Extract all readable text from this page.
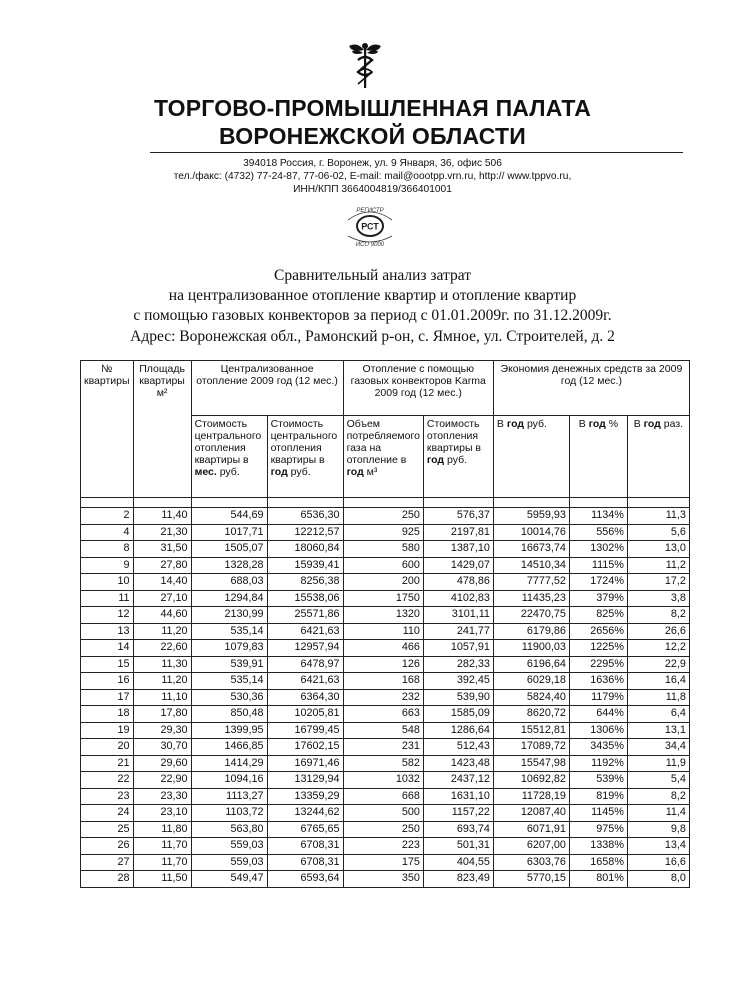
ТОРГОВО-ПРОМЫШЛЕННАЯ ПАЛАТА
ВОРОНЕЖСКОЙ ОБЛАСТИ
394018 Россия, г. Воронеж, ул. 9 Января, 36, офис 506
тел./факс: (4732) 77-24-87, 77-06-02, E-mail: mail@oootpp.vrn.ru, http:// www.tppvo.ru,
ИНН/КПП 3664004819/366401001
РЕГИСТР
РСТ
ИСО 9000
Сравнительный анализ затрат
на централизованное отопление квартир и отопление квартир
с помощью газовых конвекторов за период с 01.01.2009г. по 31.12.2009г.
Адрес: Воронежская обл., Рамонский р-он, с. Ямное, ул. Строителей, д. 2
№ квартиры	Площадь квартиры м²	Централизованное отопление 2009 год (12 мес.)		Отопление с помощью газовых конвекторов Karma 2009 год (12 мес.)		Экономия денежных средств за 2009 год (12 мес.)		
		Стоимость центрального отопления квартиры в мес. руб.	Стоимость центрального отопления квартиры в год руб.	Объем потребляемого газа на отопление в год м³	Стоимость отопления квартиры в год руб.	В год руб.	В год %	В год раз.

2	11,40	544,69	6536,30	250	576,37	5959,93	1134%	11,3
4	21,30	1017,71	12212,57	925	2197,81	10014,76	556%	5,6
8	31,50	1505,07	18060,84	580	1387,10	16673,74	1302%	13,0
9	27,80	1328,28	15939,41	600	1429,07	14510,34	1115%	11,2
10	14,40	688,03	8256,38	200	478,86	7777,52	1724%	17,2
11	27,10	1294,84	15538,06	1750	4102,83	11435,23	379%	3,8
12	44,60	2130,99	25571,86	1320	3101,11	22470,75	825%	8,2
13	11,20	535,14	6421,63	110	241,77	6179,86	2656%	26,6
14	22,60	1079,83	12957,94	466	1057,91	11900,03	1225%	12,2
15	11,30	539,91	6478,97	126	282,33	6196,64	2295%	22,9
16	11,20	535,14	6421,63	168	392,45	6029,18	1636%	16,4
17	11,10	530,36	6364,30	232	539,90	5824,40	1179%	11,8
18	17,80	850,48	10205,81	663	1585,09	8620,72	644%	6,4
19	29,30	1399,95	16799,45	548	1286,64	15512,81	1306%	13,1
20	30,70	1466,85	17602,15	231	512,43	17089,72	3435%	34,4
21	29,60	1414,29	16971,46	582	1423,48	15547,98	1192%	11,9
22	22,90	1094,16	13129,94	1032	2437,12	10692,82	539%	5,4
23	23,30	1113,27	13359,29	668	1631,10	11728,19	819%	8,2
24	23,10	1103,72	13244,62	500	1157,22	12087,40	1145%	11,4
25	11,80	563,80	6765,65	250	693,74	6071,91	975%	9,8
26	11,70	559,03	6708,31	223	501,31	6207,00	1338%	13,4
27	11,70	559,03	6708,31	175	404,55	6303,76	1658%	16,6
28	11,50	549,47	6593,64	350	823,49	5770,15	801%	8,0
